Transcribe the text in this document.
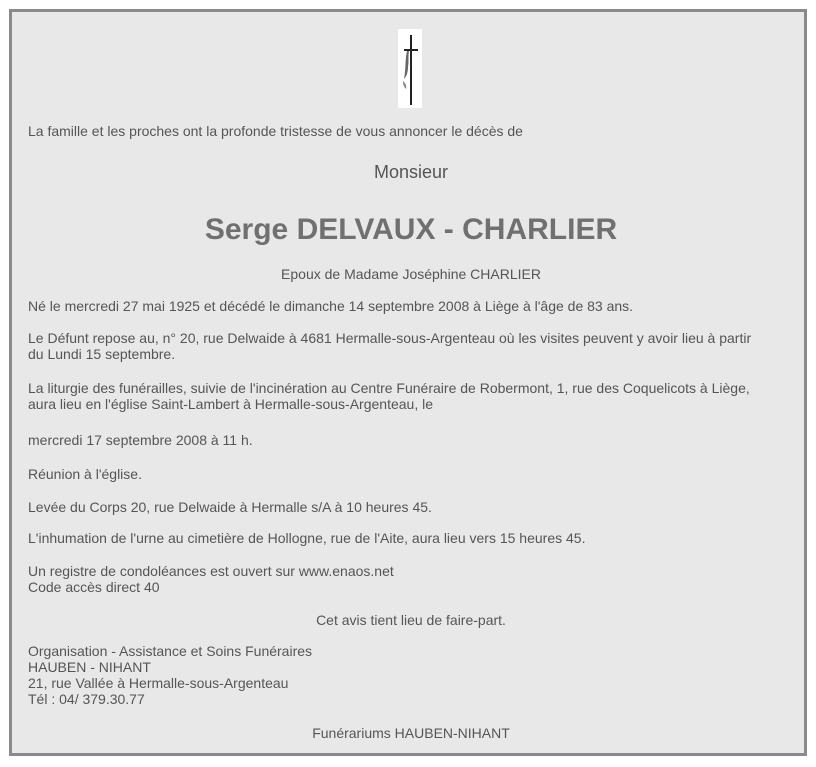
La famille et les proches ont la profonde tristesse de vous annoncer le décès de
Monsieur
Serge DELVAUX - CHARLIER
Epoux de Madame Joséphine CHARLIER
Né le mercredi 27 mai 1925 et décédé le dimanche 14 septembre 2008 à Liège à l'âge de 83 ans.
Le Défunt repose au, n° 20, rue Delwaide à 4681 Hermalle-sous-Argenteau où les visites peuvent y avoir lieu à partir
du Lundi 15 septembre.
La liturgie des funérailles, suivie de l'incinération au Centre Funéraire de Robermont, 1, rue des Coquelicots à Liège,
aura lieu en l'église Saint-Lambert à Hermalle-sous-Argenteau, le
mercredi 17 septembre 2008 à 11 h.
Réunion à l'église.
Levée du Corps 20, rue Delwaide à Hermalle s/A à 10 heures 45.
L'inhumation de l'urne au cimetière de Hollogne, rue de l'Aite, aura lieu vers 15 heures 45.
Un registre de condoléances est ouvert sur www.enaos.net
Code accès direct 40
Cet avis tient lieu de faire-part.
Organisation - Assistance et Soins Funéraires
HAUBEN - NIHANT
21, rue Vallée à Hermalle-sous-Argenteau
Tél : 04/ 379.30.77
Funérariums HAUBEN-NIHANT
